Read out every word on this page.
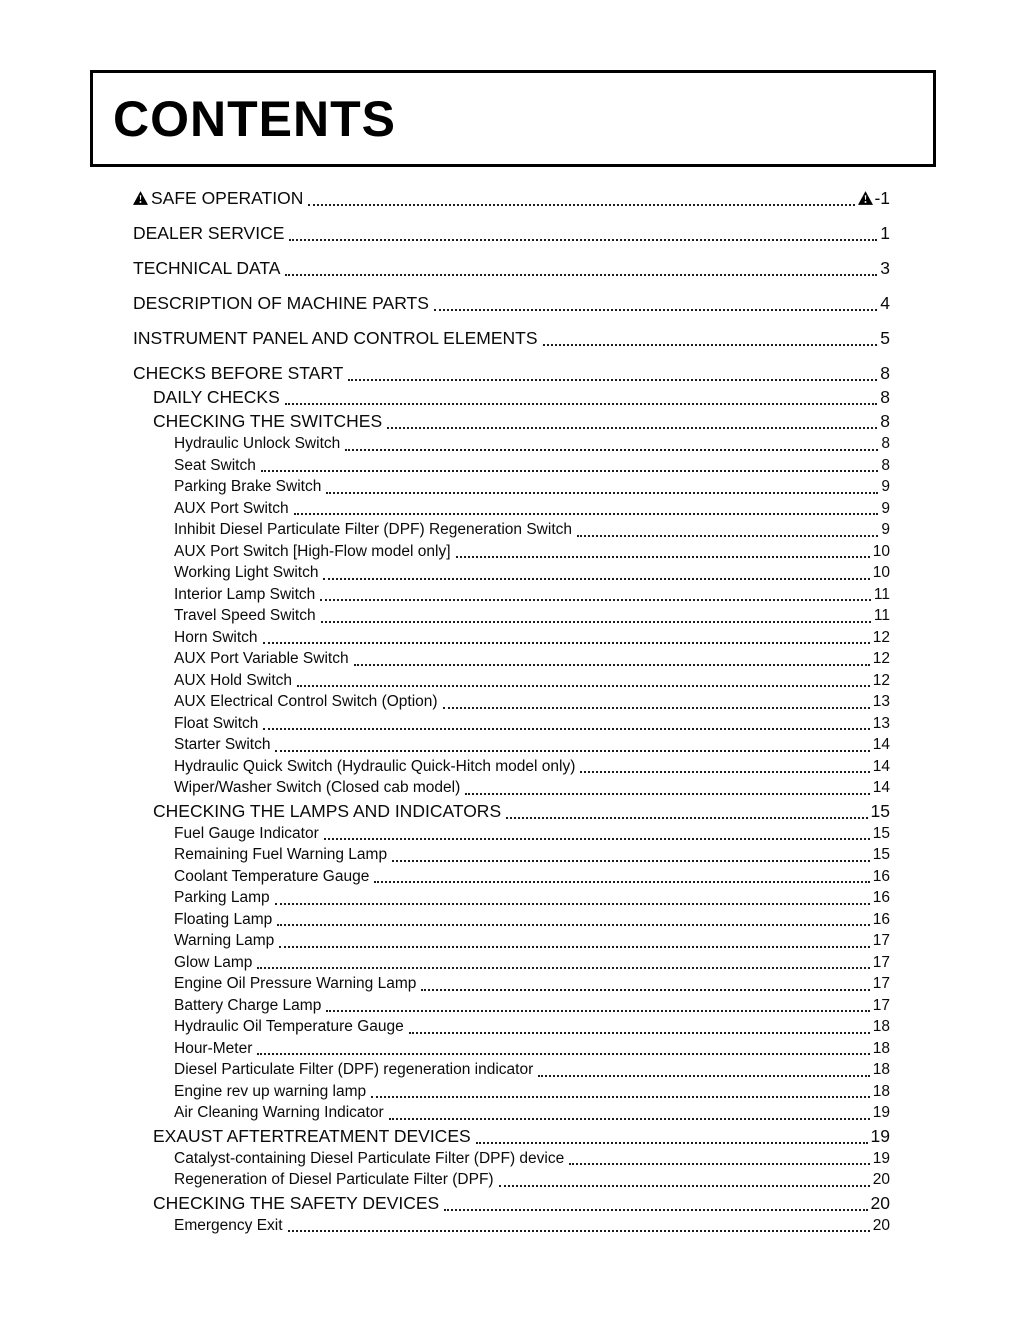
CONTENTS
SAFE OPERATION	-1
DEALER SERVICE	1
TECHNICAL DATA	3
DESCRIPTION OF MACHINE PARTS	4
INSTRUMENT PANEL AND CONTROL ELEMENTS	5
CHECKS BEFORE START	8
DAILY CHECKS	8
CHECKING THE SWITCHES	8
Hydraulic Unlock Switch	8
Seat Switch	8
Parking Brake Switch	9
AUX Port Switch	9
Inhibit Diesel Particulate Filter (DPF) Regeneration Switch	9
AUX Port Switch [High-Flow model only]	10
Working Light Switch	10
Interior Lamp Switch	11
Travel Speed Switch	11
Horn Switch	12
AUX Port Variable Switch	12
AUX Hold Switch	12
AUX Electrical Control Switch (Option)	13
Float Switch	13
Starter Switch	14
Hydraulic Quick Switch (Hydraulic Quick-Hitch model only)	14
Wiper/Washer Switch (Closed cab model)	14
CHECKING THE LAMPS AND INDICATORS	15
Fuel Gauge Indicator	15
Remaining Fuel Warning Lamp	15
Coolant Temperature Gauge	16
Parking Lamp	16
Floating Lamp	16
Warning Lamp	17
Glow Lamp	17
Engine Oil Pressure Warning Lamp	17
Battery Charge Lamp	17
Hydraulic Oil Temperature Gauge	18
Hour-Meter	18
Diesel Particulate Filter (DPF) regeneration indicator	18
Engine rev up warning lamp	18
Air Cleaning Warning Indicator	19
EXAUST AFTERTREATMENT DEVICES	19
Catalyst-containing Diesel Particulate Filter (DPF) device	19
Regeneration of Diesel Particulate Filter (DPF)	20
CHECKING THE SAFETY DEVICES	20
Emergency Exit	20
